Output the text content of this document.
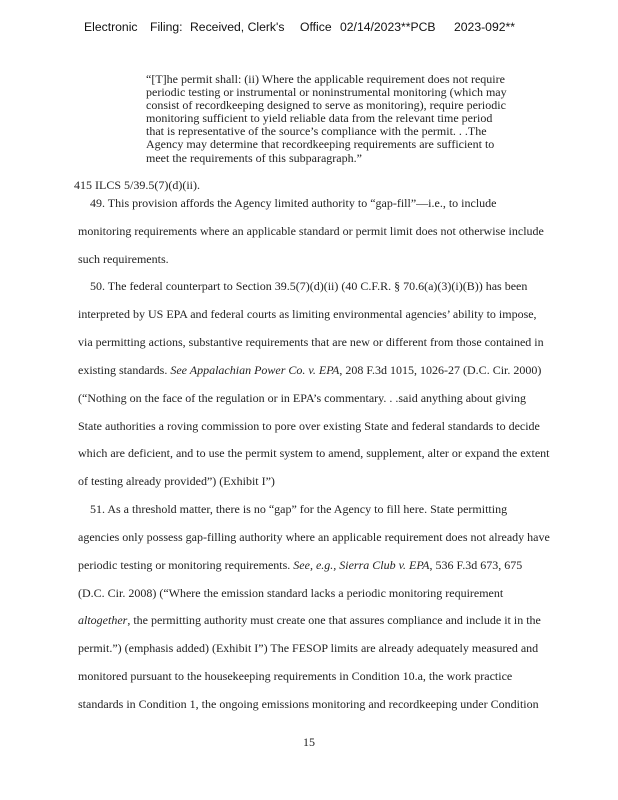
Electronic Filing: Received, Clerk's Office 02/14/2023**PCB 2023-092**
“[T]he permit shall: (ii) Where the applicable requirement does not require
periodic testing or instrumental or noninstrumental monitoring (which may
consist of recordkeeping designed to serve as monitoring), require periodic
monitoring sufficient to yield reliable data from the relevant time period
that is representative of the source’s compliance with the permit. . .The
Agency may determine that recordkeeping requirements are sufficient to
meet the requirements of this subparagraph.”
415 ILCS 5/39.5(7)(d)(ii).
49. This provision affords the Agency limited authority to “gap-fill”—i.e., to include
monitoring requirements where an applicable standard or permit limit does not otherwise include
such requirements.
50. The federal counterpart to Section 39.5(7)(d)(ii) (40 C.F.R. § 70.6(a)(3)(i)(B)) has been
interpreted by US EPA and federal courts as limiting environmental agencies’ ability to impose,
via permitting actions, substantive requirements that are new or different from those contained in
existing standards. See Appalachian Power Co. v. EPA, 208 F.3d 1015, 1026-27 (D.C. Cir. 2000)
(“Nothing on the face of the regulation or in EPA’s commentary. . .said anything about giving
State authorities a roving commission to pore over existing State and federal standards to decide
which are deficient, and to use the permit system to amend, supplement, alter or expand the extent
of testing already provided”) (Exhibit I”)
51. As a threshold matter, there is no “gap” for the Agency to fill here. State permitting
agencies only possess gap-filling authority where an applicable requirement does not already have
periodic testing or monitoring requirements. See, e.g., Sierra Club v. EPA, 536 F.3d 673, 675
(D.C. Cir. 2008) (“Where the emission standard lacks a periodic monitoring requirement
altogether, the permitting authority must create one that assures compliance and include it in the
permit.”) (emphasis added) (Exhibit I”) The FESOP limits are already adequately measured and
monitored pursuant to the housekeeping requirements in Condition 10.a, the work practice
standards in Condition 1, the ongoing emissions monitoring and recordkeeping under Condition
15
